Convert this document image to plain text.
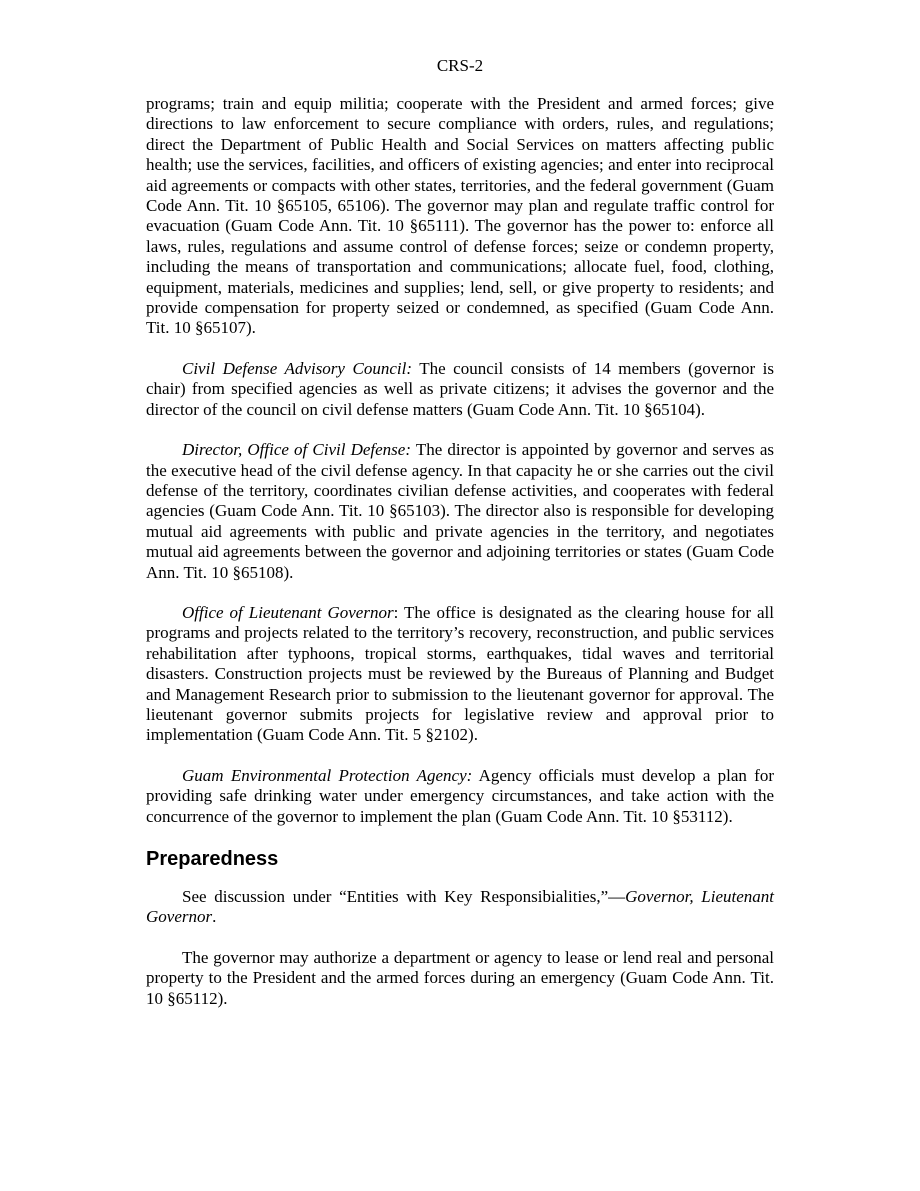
CRS-2

programs; train and equip militia; cooperate with the President and armed forces; give directions to law enforcement to secure compliance with orders, rules, and regulations; direct the Department of Public Health and Social Services on matters affecting public health; use the services, facilities, and officers of existing agencies; and enter into reciprocal aid agreements or compacts with other states, territories, and the federal government (Guam Code Ann. Tit. 10 §65105, 65106). The governor may plan and regulate traffic control for evacuation (Guam Code Ann. Tit. 10 §65111). The governor has the power to: enforce all laws, rules, regulations and assume control of defense forces; seize or condemn property, including the means of transportation and communications; allocate fuel, food, clothing, equipment, materials, medicines and supplies; lend, sell, or give property to residents; and provide compensation for property seized or condemned, as specified (Guam Code Ann. Tit. 10 §65107).

Civil Defense Advisory Council: The council consists of 14 members (governor is chair) from specified agencies as well as private citizens; it advises the governor and the director of the council on civil defense matters (Guam Code Ann. Tit. 10 §65104).

Director, Office of Civil Defense: The director is appointed by governor and serves as the executive head of the civil defense agency. In that capacity he or she carries out the civil defense of the territory, coordinates civilian defense activities, and cooperates with federal agencies (Guam Code Ann. Tit. 10 §65103). The director also is responsible for developing mutual aid agreements with public and private agencies in the territory, and negotiates mutual aid agreements between the governor and adjoining territories or states (Guam Code Ann. Tit. 10 §65108).

Office of Lieutenant Governor: The office is designated as the clearing house for all programs and projects related to the territory’s recovery, reconstruction, and public services rehabilitation after typhoons, tropical storms, earthquakes, tidal waves and territorial disasters. Construction projects must be reviewed by the Bureaus of Planning and Budget and Management Research prior to submission to the lieutenant governor for approval. The lieutenant governor submits projects for legislative review and approval prior to implementation (Guam Code Ann. Tit. 5 §2102).

Guam Environmental Protection Agency: Agency officials must develop a plan for providing safe drinking water under emergency circumstances, and take action with the concurrence of the governor to implement the plan (Guam Code Ann. Tit. 10 §53112).

Preparedness

See discussion under “Entities with Key Responsibialities,”—Governor, Lieutenant Governor.

The governor may authorize a department or agency to lease or lend real and personal property to the President and the armed forces during an emergency (Guam Code Ann. Tit. 10 §65112).
